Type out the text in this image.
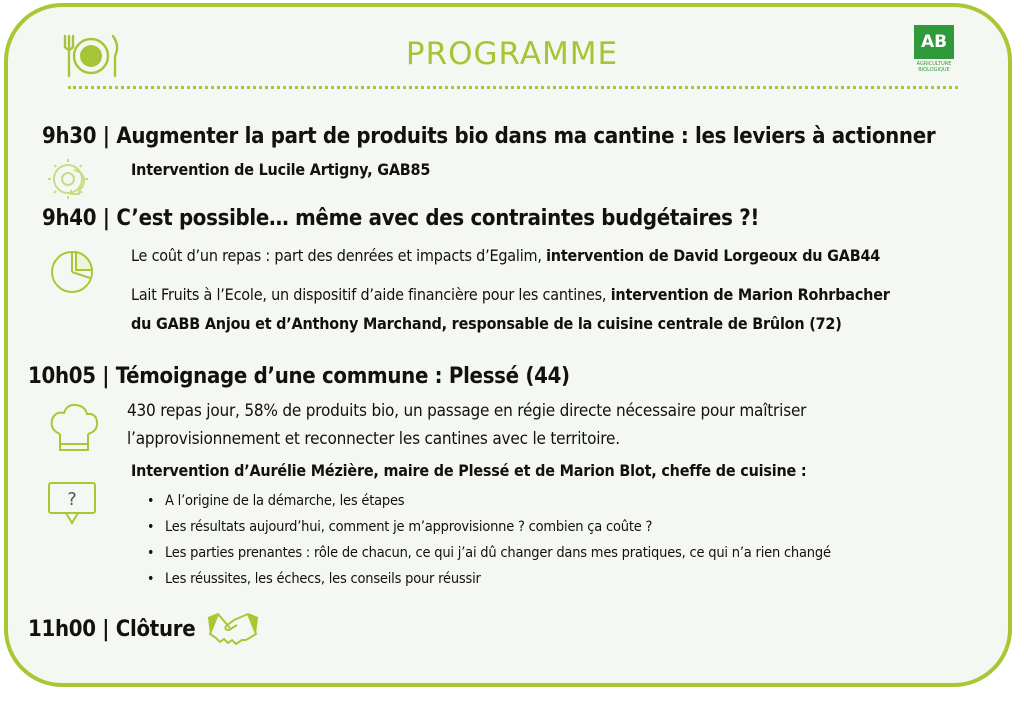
PROGRAMME	AB
AGRICULTURE BIOLOGIQUE
9h30 | Augmenter la part de produits bio dans ma cantine : les leviers à actionner
Intervention de Lucile Artigny, GAB85
9h40 | C’est possible… même avec des contraintes budgétaires ?!
Le coût d’un repas : part des denrées et impacts d’Egalim, intervention de David Lorgeoux du GAB44
Lait Fruits à l’Ecole, un dispositif d’aide financière pour les cantines, intervention de Marion Rohrbacher
du GABB Anjou et d’Anthony Marchand, responsable de la cuisine centrale de Brûlon (72)
10h05 | Témoignage d’une commune : Plessé (44)
430 repas jour, 58% de produits bio, un passage en régie directe nécessaire pour maîtriser
l’approvisionnement et reconnecter les cantines avec le territoire.
Intervention d’Aurélie Mézière, maire de Plessé et de Marion Blot, cheffe de cuisine :
?
•	A l’origine de la démarche, les étapes
• Les résultats aujourd’hui, comment je m’approvisionne ? combien ça coûte ?
• Les parties prenantes : rôle de chacun, ce qui j’ai dû changer dans mes pratiques, ce qui n’a rien changé
• Les réussites, les échecs, les conseils pour réussir
11h00 | Clôture
